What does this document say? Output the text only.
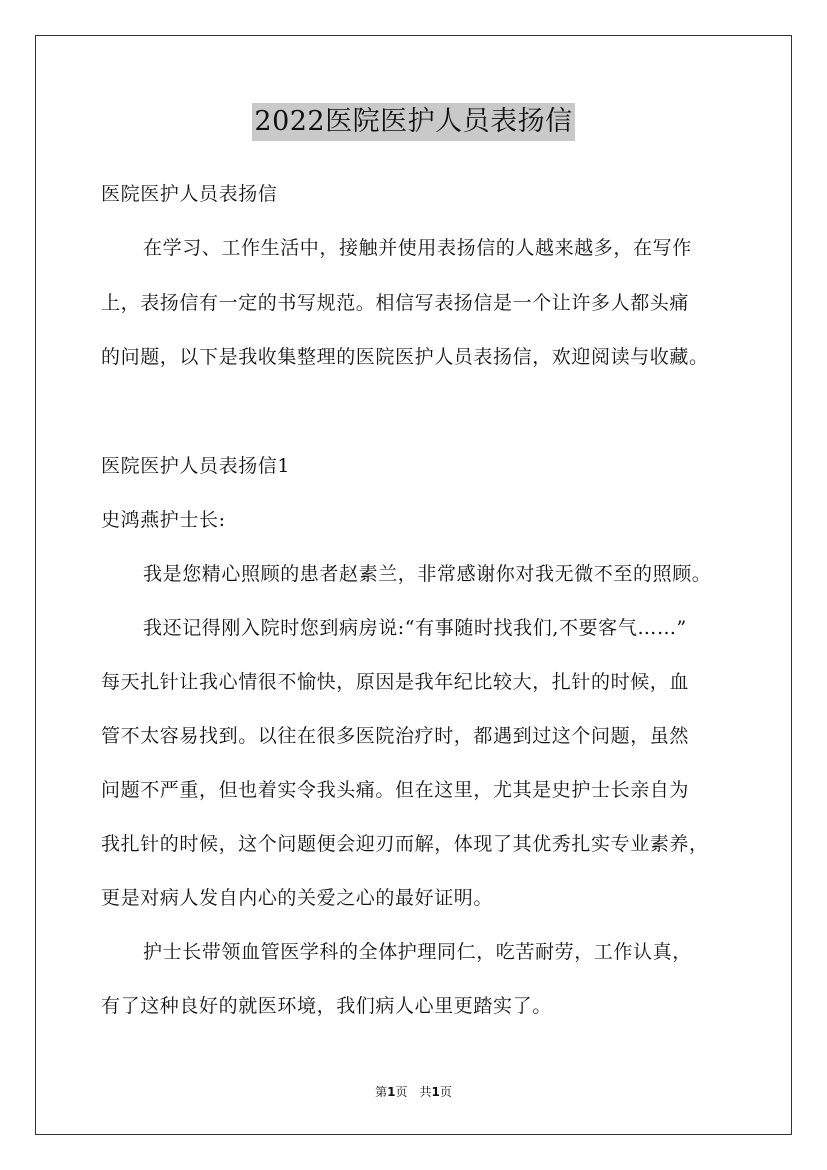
2022医院医护人员表扬信
医院医护人员表扬信
在学习、工作生活中，接触并使用表扬信的人越来越多，在写作
上，表扬信有一定的书写规范。相信写表扬信是一个让许多人都头痛
的问题，以下是我收集整理的医院医护人员表扬信，欢迎阅读与收藏。
医院医护人员表扬信1
史鸿燕护士长:
我是您精心照顾的患者赵素兰，非常感谢你对我无微不至的照顾。
我还记得刚入院时您到病房说:“有事随时找我们,不要客气……”
每天扎针让我心情很不愉快，原因是我年纪比较大，扎针的时候，血
管不太容易找到。以往在很多医院治疗时，都遇到过这个问题，虽然
问题不严重，但也着实令我头痛。但在这里，尤其是史护士长亲自为
我扎针的时候，这个问题便会迎刃而解，体现了其优秀扎实专业素养，
更是对病人发自内心的关爱之心的最好证明。
护士长带领血管医学科的全体护理同仁，吃苦耐劳，工作认真，
有了这种良好的就医环境，我们病人心里更踏实了。
第1页　共1页
